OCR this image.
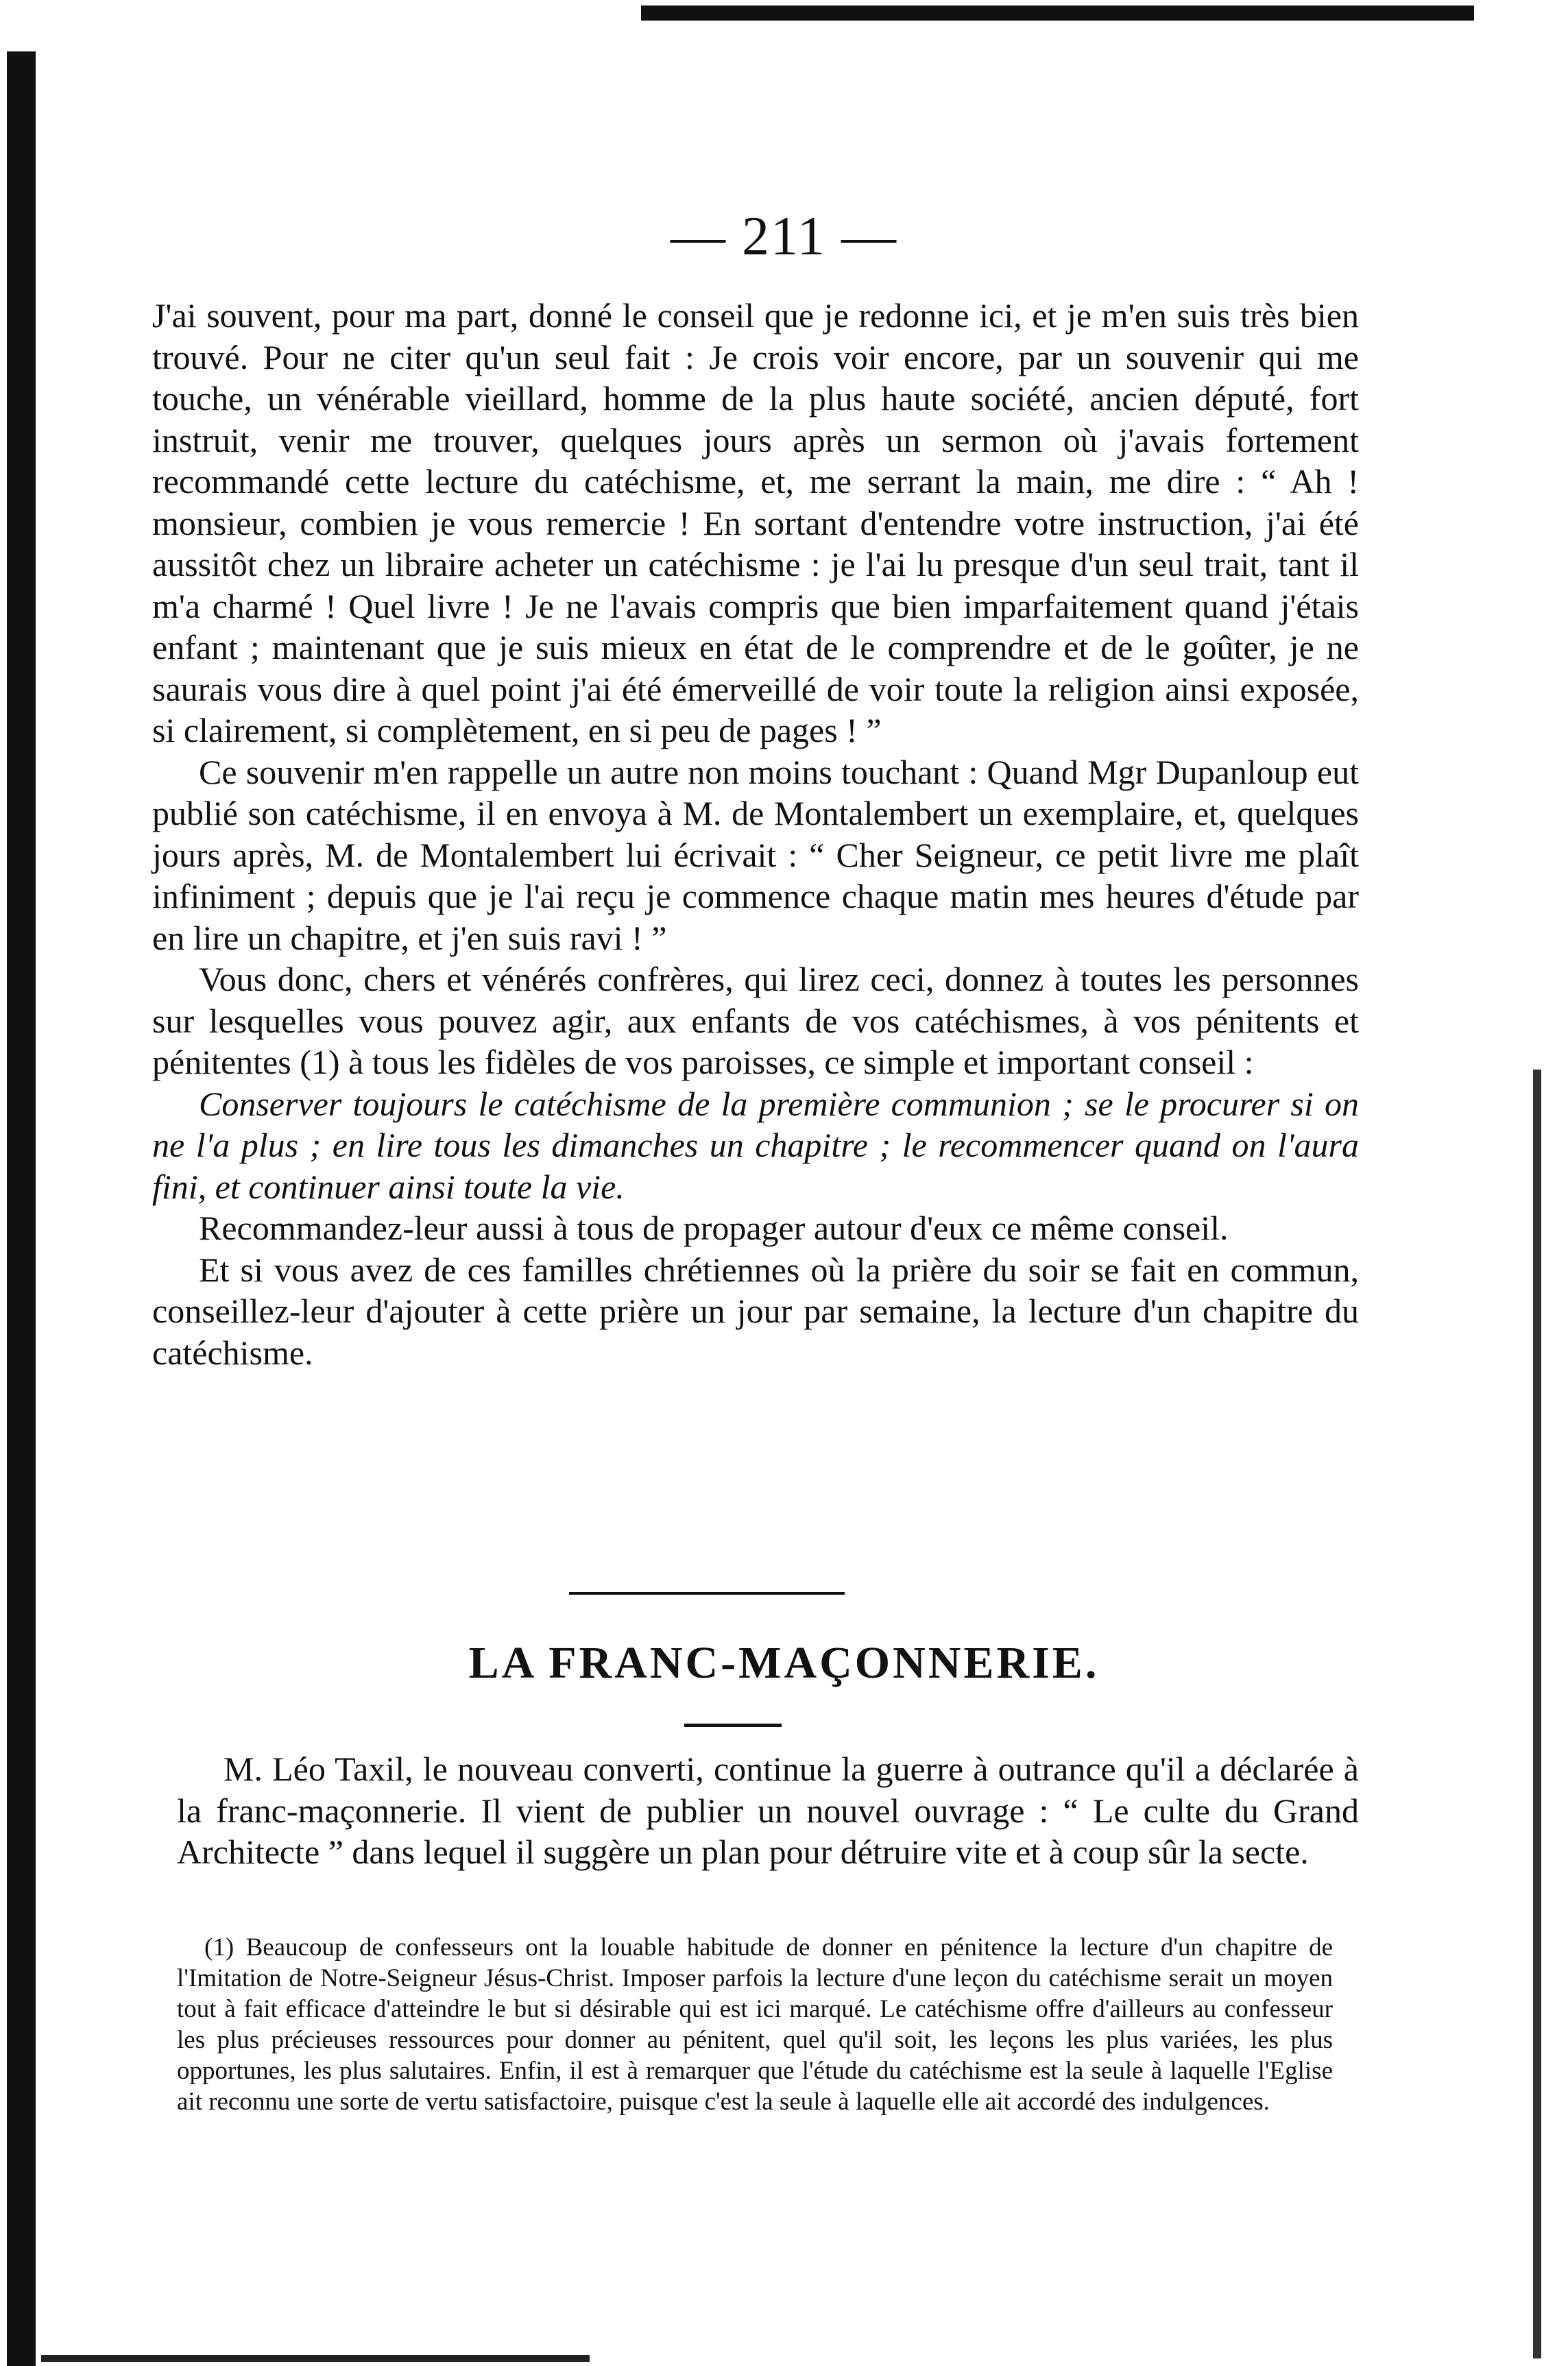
— 211 —

J'ai souvent, pour ma part, donné le conseil que je redonne ici, et je m'en suis très bien trouvé. Pour ne citer qu'un seul fait : Je crois voir encore, par un souvenir qui me touche, un vénérable vieillard, homme de la plus haute société, ancien député, fort instruit, venir me trouver, quelques jours après un sermon où j'avais fortement recommandé cette lecture du catéchisme, et, me serrant la main, me dire : “ Ah ! monsieur, combien je vous remercie ! En sortant d'entendre votre instruction, j'ai été aussitôt chez un libraire acheter un catéchisme : je l'ai lu presque d'un seul trait, tant il m'a charmé ! Quel livre ! Je ne l'avais compris que bien imparfaitement quand j'étais enfant ; maintenant que je suis mieux en état de le comprendre et de le goûter, je ne saurais vous dire à quel point j'ai été émerveillé de voir toute la religion ainsi exposée, si clairement, si complètement, en si peu de pages ! ”

Ce souvenir m'en rappelle un autre non moins touchant : Quand Mgr Dupanloup eut publié son catéchisme, il en envoya à M. de Montalembert un exemplaire, et, quelques jours après, M. de Montalembert lui écrivait : “ Cher Seigneur, ce petit livre me plaît infiniment ; depuis que je l'ai reçu je commence chaque matin mes heures d'étude par en lire un chapitre, et j'en suis ravi ! ”

Vous donc, chers et vénérés confrères, qui lirez ceci, donnez à toutes les personnes sur lesquelles vous pouvez agir, aux enfants de vos catéchismes, à vos pénitents et pénitentes (1) à tous les fidèles de vos paroisses, ce simple et important conseil :

Conserver toujours le catéchisme de la première communion ; se le procurer si on ne l'a plus ; en lire tous les dimanches un chapitre ; le recommencer quand on l'aura fini, et continuer ainsi toute la vie.

Recommandez-leur aussi à tous de propager autour d'eux ce même conseil.

Et si vous avez de ces familles chrétiennes où la prière du soir se fait en commun, conseillez-leur d'ajouter à cette prière un jour par semaine, la lecture d'un chapitre du catéchisme.

LA FRANC-MAÇONNERIE.

M. Léo Taxil, le nouveau converti, continue la guerre à outrance qu'il a déclarée à la franc-maçonnerie. Il vient de publier un nouvel ouvrage : “ Le culte du Grand Architecte ” dans lequel il suggère un plan pour détruire vite et à coup sûr la secte.

(1) Beaucoup de confesseurs ont la louable habitude de donner en pénitence la lecture d'un chapitre de l'Imitation de Notre-Seigneur Jésus-Christ. Imposer parfois la lecture d'une leçon du catéchisme serait un moyen tout à fait efficace d'atteindre le but si désirable qui est ici marqué. Le catéchisme offre d'ailleurs au confesseur les plus précieuses ressources pour donner au pénitent, quel qu'il soit, les leçons les plus variées, les plus opportunes, les plus salutaires. Enfin, il est à remarquer que l'étude du catéchisme est la seule à laquelle l'Eglise ait reconnu une sorte de vertu satisfactoire, puisque c'est la seule à laquelle elle ait accordé des indulgences.
